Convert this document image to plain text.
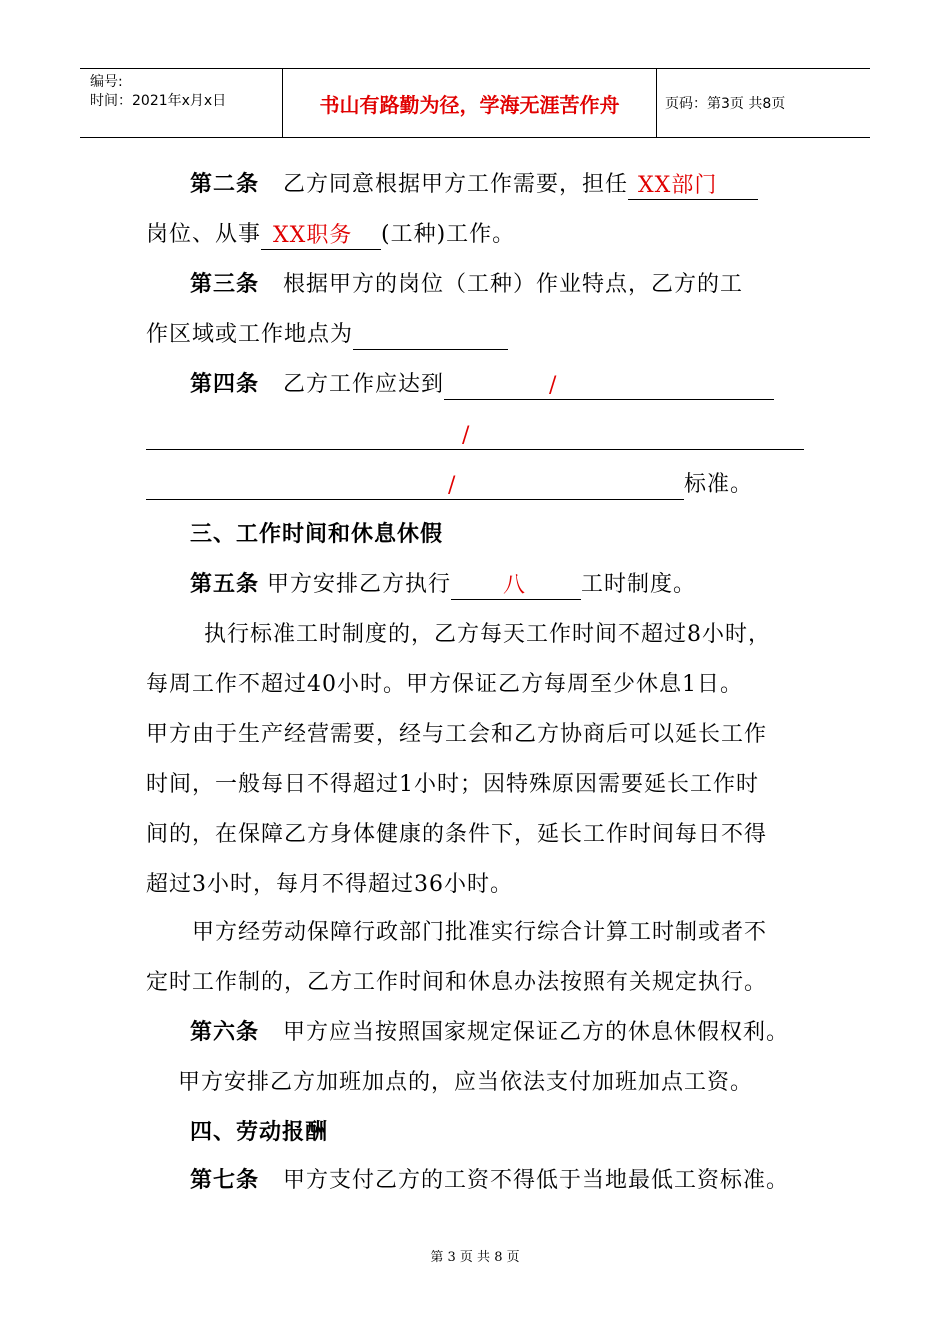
编号:
时间：2021年x月x日	书山有路勤为径，学海无涯苦作舟	页码：第3页 共8页
第二条 乙方同意根据甲方工作需要，担任 XX部门
岗位、从事 XX职务 (工种)工作。
第三条 根据甲方的岗位（工种）作业特点，乙方的工
作区域或工作地点为
第四条 乙方工作应达到	/
/
/	标准。
三、工作时间和休息休假
第五条 甲方安排乙方执行 八 工时制度。
执行标准工时制度的，乙方每天工作时间不超过8小时，
每周工作不超过40小时。甲方保证乙方每周至少休息1日。
甲方由于生产经营需要，经与工会和乙方协商后可以延长工作
时间，一般每日不得超过1小时；因特殊原因需要延长工作时
间的，在保障乙方身体健康的条件下，延长工作时间每日不得
超过3小时，每月不得超过36小时。
甲方经劳动保障行政部门批准实行综合计算工时制或者不
定时工作制的，乙方工作时间和休息办法按照有关规定执行。
第六条 甲方应当按照国家规定保证乙方的休息休假权利。
甲方安排乙方加班加点的，应当依法支付加班加点工资。
四、劳动报酬
第七条 甲方支付乙方的工资不得低于当地最低工资标准。
第 3 页 共 8 页
